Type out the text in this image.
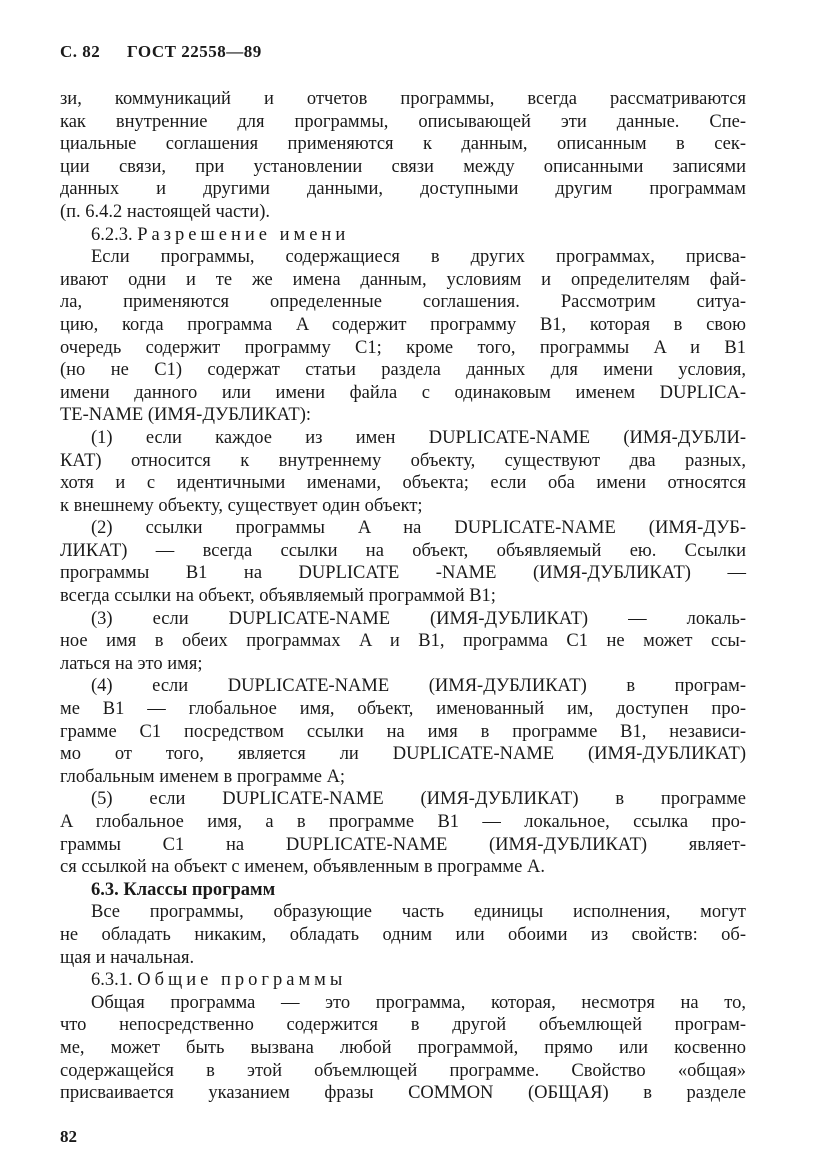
С. 82 ГОСТ 22558—89
зи, коммуникаций и отчетов программы, всегда рассматриваются
как внутренние для программы, описывающей эти данные. Спе-
циальные соглашения применяются к данным, описанным в сек-
ции связи, при установлении связи между описанными записями
данных и другими данными, доступными другим программам
(п. 6.4.2 настоящей части).
6.2.3. Разрешение имени
Если программы, содержащиеся в других программах, присва-
ивают одни и те же имена данным, условиям и определителям фай-
ла, применяются определенные соглашения. Рассмотрим ситуа-
цию, когда программа A содержит программу B1, которая в свою
очередь содержит программу C1; кроме того, программы A и B1
(но не C1) содержат статьи раздела данных для имени условия,
имени данного или имени файла с одинаковым именем DUPLICA-
TE-NAME (ИМЯ-ДУБЛИКАТ):
(1) если каждое из имен DUPLICATE-NAME (ИМЯ-ДУБЛИ-
КАТ) относится к внутреннему объекту, существуют два разных,
хотя и с идентичными именами, объекта; если оба имени относятся
к внешнему объекту, существует один объект;
(2) ссылки программы A на DUPLICATE-NAME (ИМЯ-ДУБ-
ЛИКАТ) — всегда ссылки на объект, объявляемый ею. Ссылки
программы B1 на DUPLICATE -NAME (ИМЯ-ДУБЛИКАТ) —
всегда ссылки на объект, объявляемый программой B1;
(3) если DUPLICATE-NAME (ИМЯ-ДУБЛИКАТ) — локаль-
ное имя в обеих программах A и B1, программа C1 не может ссы-
латься на это имя;
(4) если DUPLICATE-NAME (ИМЯ-ДУБЛИКАТ) в програм-
ме B1 — глобальное имя, объект, именованный им, доступен про-
грамме C1 посредством ссылки на имя в программе B1, независи-
мо от того, является ли DUPLICATE-NAME (ИМЯ-ДУБЛИКАТ)
глобальным именем в программе A;
(5) если DUPLICATE-NAME (ИМЯ-ДУБЛИКАТ) в программе
A глобальное имя, а в программе B1 — локальное, ссылка про-
граммы C1 на DUPLICATE-NAME (ИМЯ-ДУБЛИКАТ) являет-
ся ссылкой на объект с именем, объявленным в программе A.
6.3. Классы программ
Все программы, образующие часть единицы исполнения, могут
не обладать никаким, обладать одним или обоими из свойств: об-
щая и начальная.
6.3.1. Общие программы
Общая программа — это программа, которая, несмотря на то,
что непосредственно содержится в другой объемлющей програм-
ме, может быть вызвана любой программой, прямо или косвенно
содержащейся в этой объемлющей программе. Свойство «общая»
присваивается указанием фразы COMMON (ОБЩАЯ) в разделе
82
